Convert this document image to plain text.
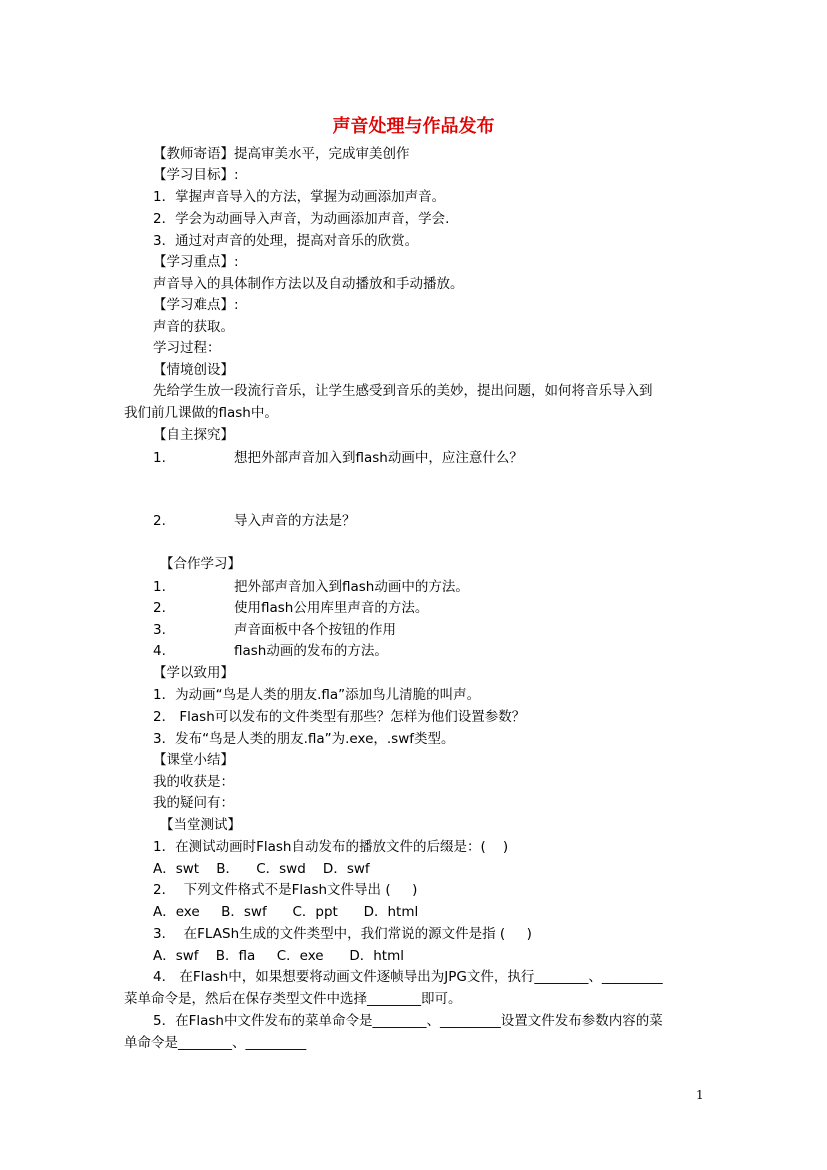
声音处理与作品发布
【教师寄语】提高审美水平，完成审美创作
【学习目标】:
1．掌握声音导入的方法，掌握为动画添加声音。
2．学会为动画导入声音，为动画添加声音，学会.
3．通过对声音的处理，提高对音乐的欣赏。
【学习重点】:
声音导入的具体制作方法以及自动播放和手动播放。
【学习难点】:
声音的获取。
学习过程：
【情境创设】
先给学生放一段流行音乐，让学生感受到音乐的美妙，提出问题，如何将音乐导入到
我们前几课做的flash中。
【自主探究】
1.	想把外部声音加入到flash动画中，应注意什么？
2.	导入声音的方法是？
【合作学习】
1.	把外部声音加入到flash动画中的方法。
2.	使用flash公用库里声音的方法。
3.	声音面板中各个按钮的作用
4.	flash动画的发布的方法。
【学以致用】
1．为动画“鸟是人类的朋友.fla”添加鸟儿清脆的叫声。
2． Flash可以发布的文件类型有那些？怎样为他们设置参数？
3．发布“鸟是人类的朋友.fla”为.exe，.swf类型。
【课堂小结】
我的收获是：
我的疑问有：
【当堂测试】
1．在测试动画时Flash自动发布的播放文件的后缀是：(    )
A．swt    B．    C．swd    D．swf
2．  下列文件格式不是Flash文件导出 (     )
A．exe     B．swf      C．ppt      D．html
3．  在FLASh生成的文件类型中，我们常说的源文件是指 (     )
A．swf    B．fla     C．exe      D．html
4． 在Flash中，如果想要将动画文件逐帧导出为JPG文件，执行________、_________
菜单命令是，然后在保存类型文件中选择________即可。
5．在Flash中文件发布的菜单命令是________、_________设置文件发布参数内容的菜
单命令是________、_________
1
